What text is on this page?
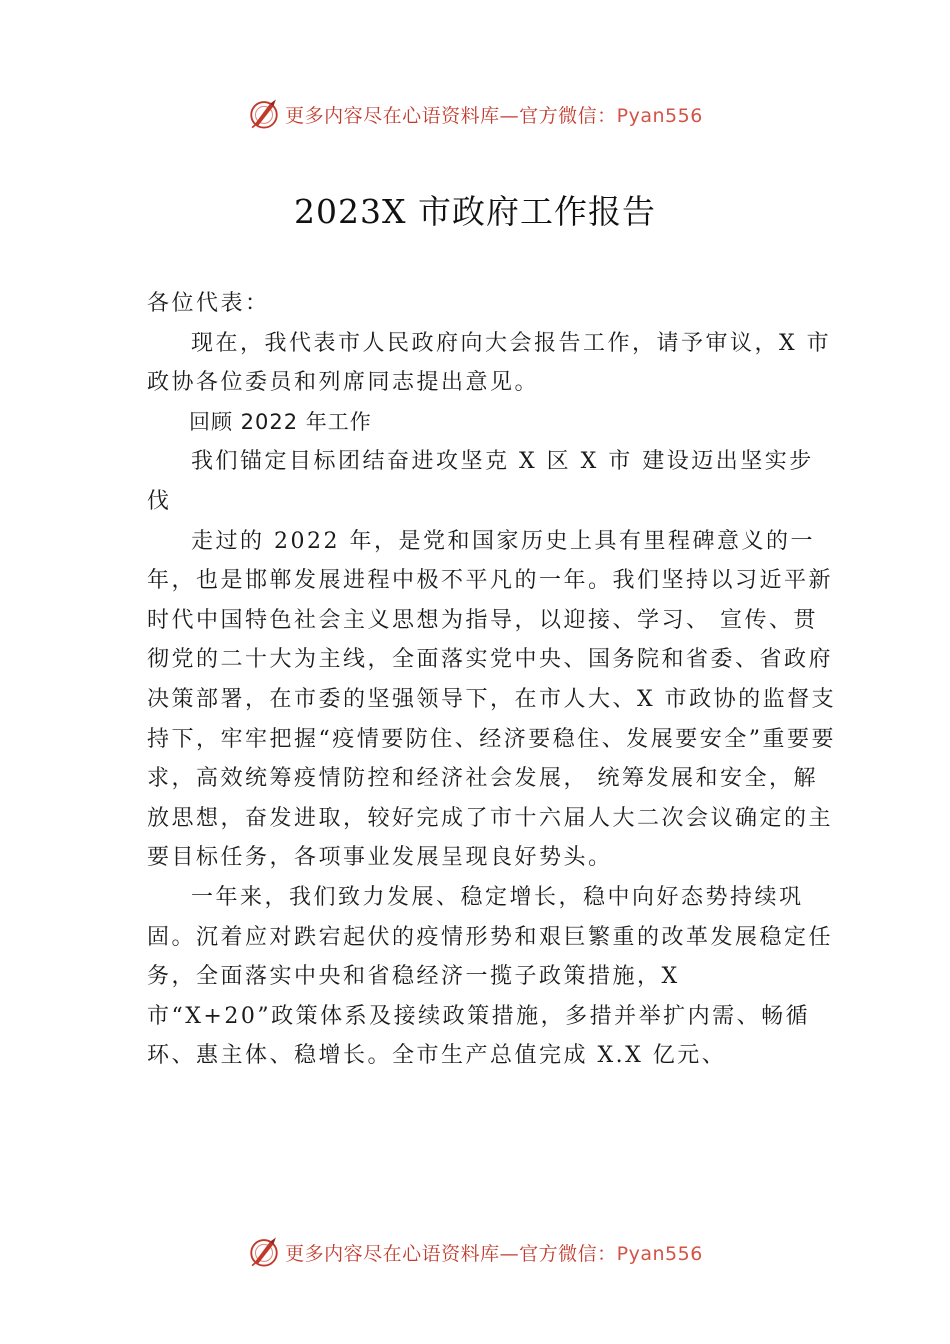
更多内容尽在心语资料库—官方微信：Pyan556
2023X 市政府工作报告

各位代表：

现在，我代表市人民政府向大会报告工作，请予审议，X 市政协各位委员和列席同志提出意见。

回顾 2022 年工作

我们锚定目标团结奋进攻坚克 X 区 X 市 建设迈出坚实步伐

走过的 2022 年，是党和国家历史上具有里程碑意义的一年，也是邯郸发展进程中极不平凡的一年。我们坚持以习近平新时代中国特色社会主义思想为指导，以迎接、学习、 宣传、贯彻党的二十大为主线，全面落实党中央、国务院和省委、省政府决策部署，在市委的坚强领导下，在市人大、X 市政协的监督支持下，牢牢把握“疫情要防住、经济要稳住、发展要安全”重要要求，高效统筹疫情防控和经济社会发展， 统筹发展和安全，解放思想，奋发进取，较好完成了市十六届人大二次会议确定的主要目标任务，各项事业发展呈现良好势头。

一年来，我们致力发展、稳定增长，稳中向好态势持续巩固。沉着应对跌宕起伏的疫情形势和艰巨繁重的改革发展稳定任务，全面落实中央和省稳经济一揽子政策措施，X 市“X+20”政策体系及接续政策措施，多措并举扩内需、畅循环、惠主体、稳增长。全市生产总值完成 X.X 亿元、

更多内容尽在心语资料库—官方微信：Pyan556
